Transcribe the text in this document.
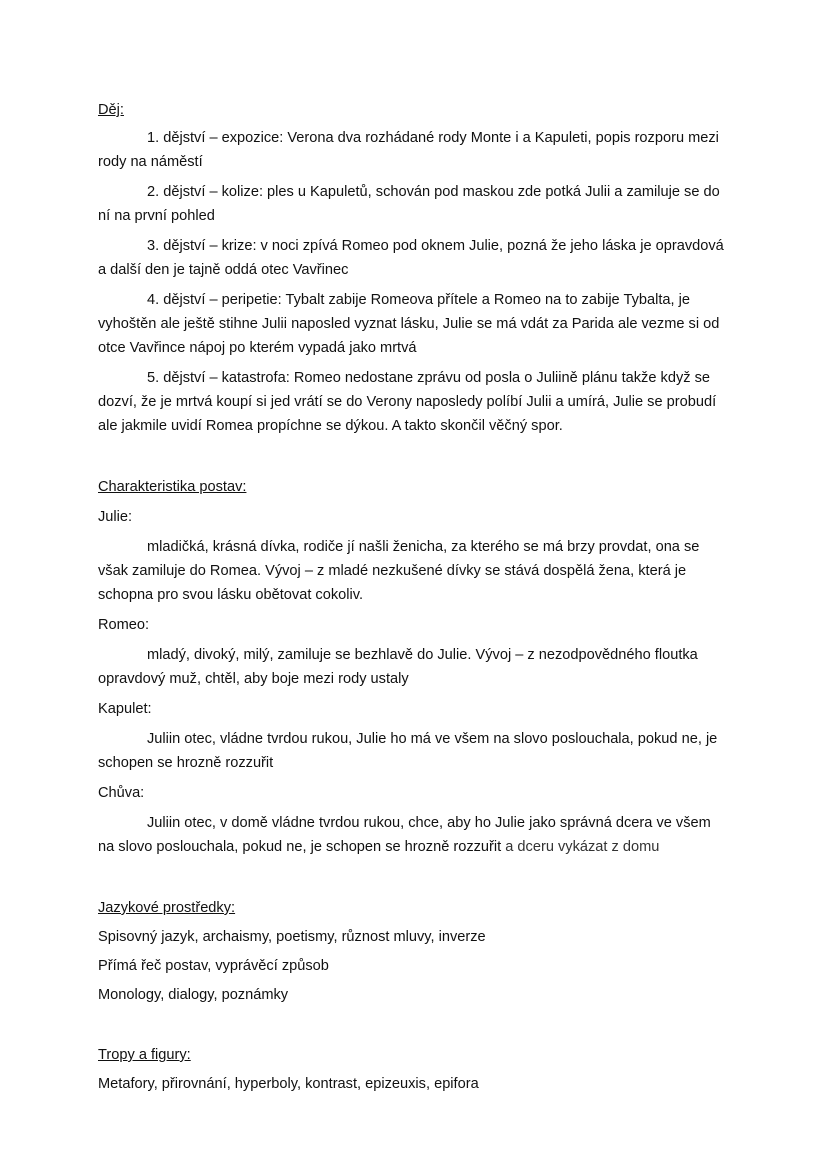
Děj:

1. dějství – expozice: Verona dva rozhádané rody Monte i a Kapuleti, popis rozporu mezi rody na náměstí

2. dějství – kolize: ples u Kapuletů, schován pod maskou zde potká Julii a zamiluje se do ní na první pohled

3. dějství – krize: v noci zpívá Romeo pod oknem Julie, pozná že jeho láska je opravdová a další den je tajně oddá otec Vavřinec

4. dějství – peripetie: Tybalt zabije Romeova přítele a Romeo na to zabije Tybalta, je vyhoštěn ale ještě stihne Julii naposled vyznat lásku, Julie se má vdát za Parida ale vezme si od otce Vavřince nápoj po kterém vypadá jako mrtvá

5. dějství – katastrofa: Romeo nedostane zprávu od posla o Juliině plánu takže když se dozví, že je mrtvá koupí si jed vrátí se do Verony naposledy políbí Julii a umírá, Julie se probudí ale jakmile uvidí Romea propíchne se dýkou. A takto skončil věčný spor.

Charakteristika postav:

Julie:

mladičká, krásná dívka, rodiče jí našli ženicha, za kterého se má brzy provdat, ona se však zamiluje do Romea. Vývoj – z mladé nezkušené dívky se stává dospělá žena, která je schopna pro svou lásku obětovat cokoliv.

Romeo:

mladý, divoký, milý, zamiluje se bezhlavě do Julie. Vývoj – z nezodpovědného floutka opravdový muž, chtěl, aby boje mezi rody ustaly

Kapulet:

Juliin otec, vládne tvrdou rukou, Julie ho má ve všem na slovo poslouchala, pokud ne, je schopen se hrozně rozzuřit

Chůva:

Juliin otec, v domě vládne tvrdou rukou, chce, aby ho Julie jako správná dcera ve všem na slovo poslouchala, pokud ne, je schopen se hrozně rozzuřit a dceru vykázat z domu

Jazykové prostředky:

Spisovný jazyk, archaismy, poetismy, různost mluvy, inverze

Přímá řeč postav, vyprávěcí způsob

Monology, dialogy, poznámky

Tropy a figury:

Metafory, přirovnání, hyperboly, kontrast, epizeuxis, epifora
